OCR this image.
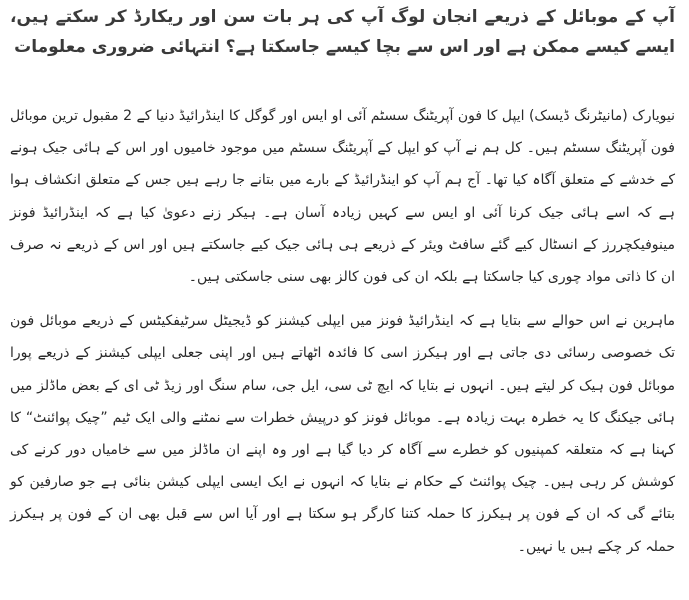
آپ کے موبائل کے ذریعے انجان لوگ آپ کی ہر بات سن اور ریکارڈ کر سکتے ہیں، ایسے کیسے ممکن ہے اور اس سے بچا کیسے جاسکتا ہے؟ انتہائی ضروری معلومات

نیویارک (مانیٹرنگ ڈیسک) ایپل کا فون آپریٹنگ سسٹم آئی او ایس اور گوگل کا اینڈرائیڈ دنیا کے 2 مقبول ترین موبائل فون آپریٹنگ سسٹم ہیں۔ کل ہم نے آپ کو ایپل کے آپریٹنگ سسٹم میں موجود خامیوں اور اس کے ہائی جیک ہونے کے خدشے کے متعلق آگاہ کیا تھا۔ آج ہم آپ کو اینڈرائیڈ کے بارے میں بتانے جا رہے ہیں جس کے متعلق انکشاف ہوا ہے کہ اسے ہائی جیک کرنا آئی او ایس سے کہیں زیادہ آسان ہے۔ ہیکر زنے دعویٰ کیا ہے کہ اینڈرائیڈ فونز مینوفیکچررز کے انسٹال کیے گئے سافٹ ویئر کے ذریعے ہی ہائی جیک کیے جاسکتے ہیں اور اس کے ذریعے نہ صرف ان کا ذاتی مواد چوری کیا جاسکتا ہے بلکہ ان کی فون کالز بھی سنی جاسکتی ہیں۔

ماہرین نے اس حوالے سے بتایا ہے کہ اینڈرائیڈ فونز میں ایپلی کیشنز کو ڈیجیٹل سرٹیفکیٹس کے ذریعے موبائل فون تک خصوصی رسائی دی جاتی ہے اور ہیکرز اسی کا فائدہ اٹھاتے ہیں اور اپنی جعلی ایپلی کیشنز کے ذریعے پورا موبائل فون ہیک کر لیتے ہیں۔ انہوں نے بتایا کہ ایچ ٹی سی، ایل جی، سام سنگ اور زیڈ ٹی ای کے بعض ماڈلز میں ہائی جیکنگ کا یہ خطرہ بہت زیادہ ہے۔ موبائل فونز کو درپیش خطرات سے نمٹنے والی ایک ٹیم ”چیک پوائنٹ“ کا کہنا ہے کہ متعلقہ کمپنیوں کو خطرے سے آگاہ کر دیا گیا ہے اور وہ اپنے ان ماڈلز میں سے خامیاں دور کرنے کی کوشش کر رہی ہیں۔ چیک پوائنٹ کے حکام نے بتایا کہ انہوں نے ایک ایسی ایپلی کیشن بنائی ہے جو صارفین کو بتائے گی کہ ان کے فون پر ہیکرز کا حملہ کتنا کارگر ہو سکتا ہے اور آیا اس سے قبل بھی ان کے فون پر ہیکرز حملہ کر چکے ہیں یا نہیں۔
